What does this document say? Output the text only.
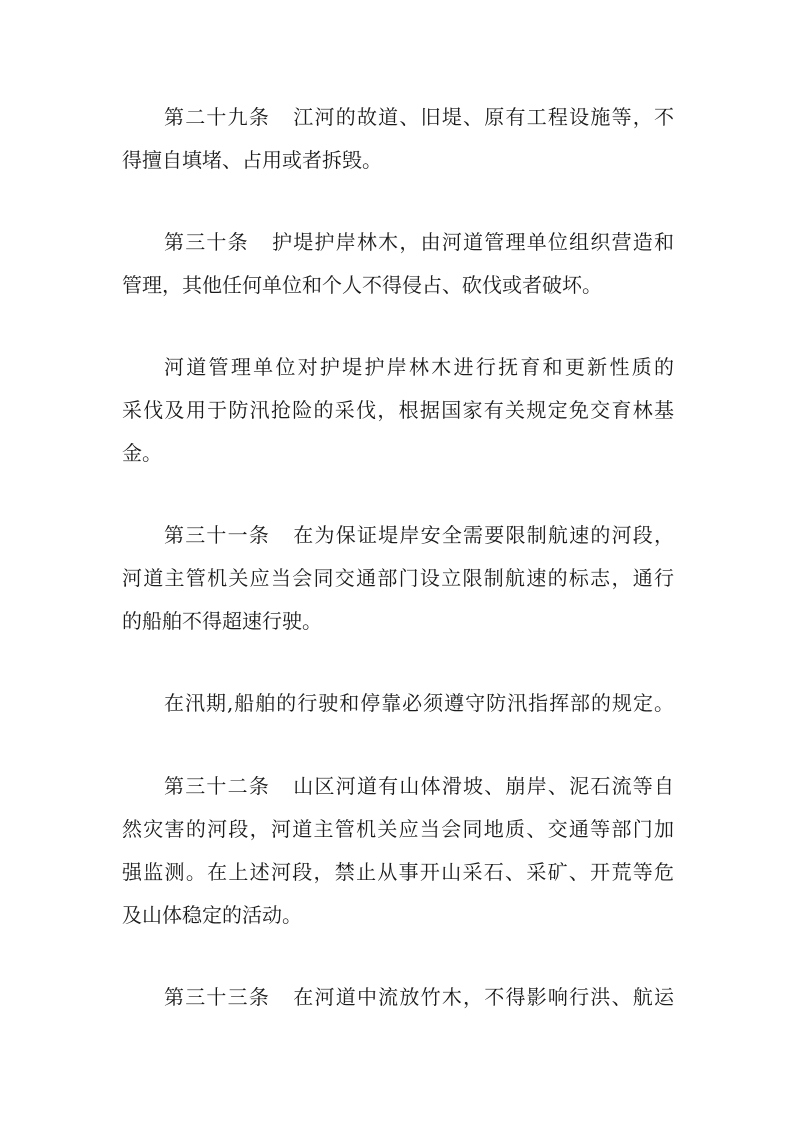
第二十九条 江河的故道、旧堤、原有工程设施等，不
得擅自填堵、占用或者拆毁。
第三十条 护堤护岸林木，由河道管理单位组织营造和
管理，其他任何单位和个人不得侵占、砍伐或者破坏。
河道管理单位对护堤护岸林木进行抚育和更新性质的
采伐及用于防汛抢险的采伐，根据国家有关规定免交育林基
金。
第三十一条 在为保证堤岸安全需要限制航速的河段，
河道主管机关应当会同交通部门设立限制航速的标志，通行
的船舶不得超速行驶。
在汛期,船舶的行驶和停靠必须遵守防汛指挥部的规定。
第三十二条 山区河道有山体滑坡、崩岸、泥石流等自
然灾害的河段，河道主管机关应当会同地质、交通等部门加
强监测。在上述河段，禁止从事开山采石、采矿、开荒等危
及山体稳定的活动。
第三十三条 在河道中流放竹木，不得影响行洪、航运
